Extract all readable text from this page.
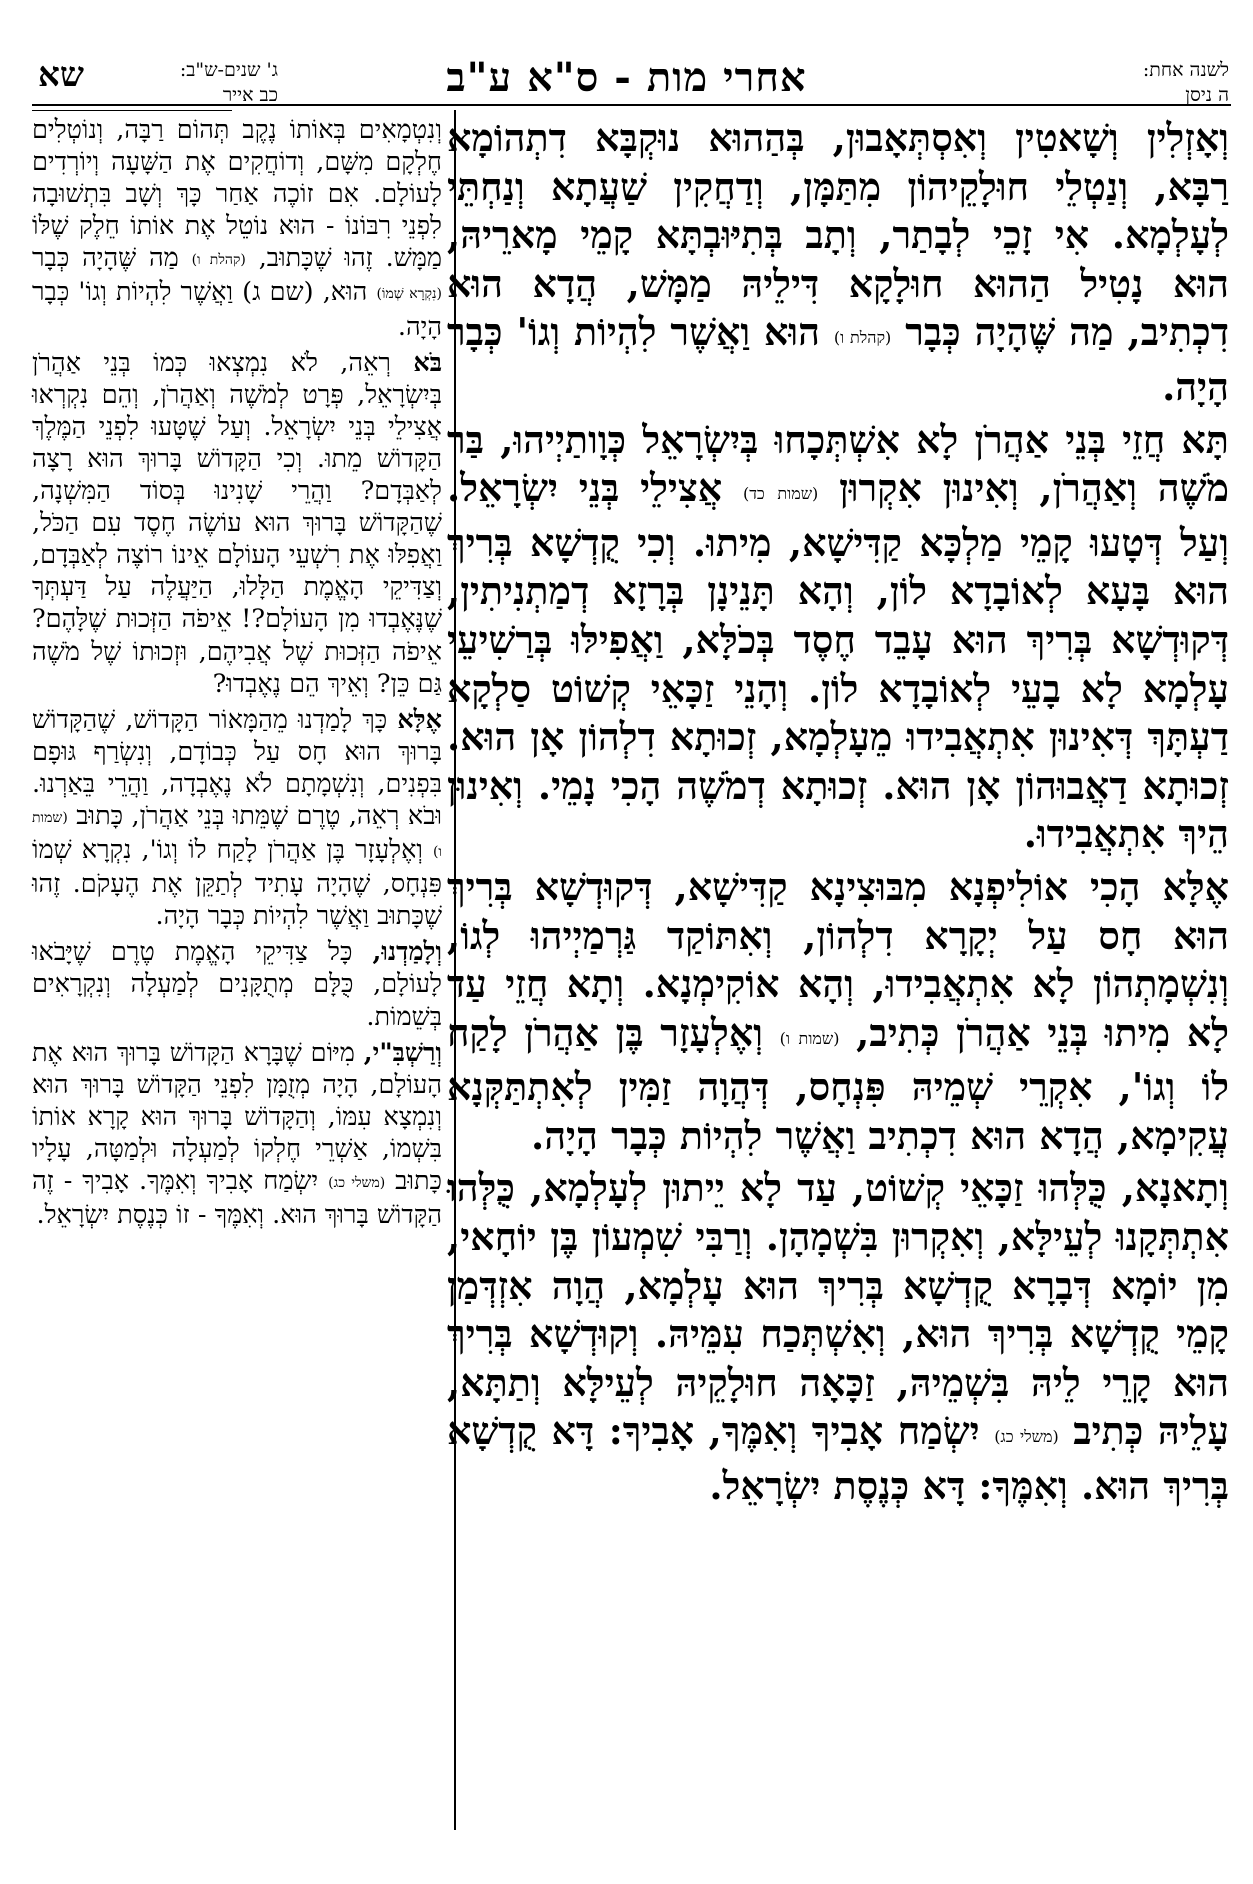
לשנה אחת:
ה ניסן
אחרי מות - ס"א ע"ב
ג' שנים-ש"ב:
כב אייר
שא

וְאָזְלִין וְשָׁאטִין וְאִסְתְּאָבוּן, בְּהַהוּא נוּקְבָּא דִתְהוֹמָא רַבָּא, וְנַטְלֵי חוּלָקֵיהוֹן מִתַּמָּן, וְדַחֲקִין שַׁעֲתָא וְנַחְתֵּי לְעָלְמָא. אִי זָכֵי לְבָתַר, וְתָב בְּתִיּוּבְתָּא קָמֵי מָארֵיהּ, הוּא נָטִיל הַהוּא חוּלָקָא דִּילֵיהּ מַמָּשׁ, הֲדָא הוּא דִכְתִיב, מַה שֶּׁהָיָה כְּבָר (קהלת ו) הוּא וַאֲשֶׁר לִהְיוֹת וְגוֹ' כְּבָר הָיָה.

תָּא חֲזֵי בְּנֵי אַהֲרֹן לָא אִשְׁתְּכָחוּ בְּיִשְׂרָאֵל כְּוָותַיְיהוּ, בַּר מֹשֶׁה וְאַהֲרֹן, וְאִינוּן אִקְרוּן (שמות כד) אֲצִילֵי בְּנֵי יִשְׂרָאֵל. וְעַל דְּטָעוּ קָמֵי מַלְכָּא קַדִּישָׁא, מִיתוּ. וְכִי קֻדְשָׁא בְּרִיךְ הוּא בָּעָא לְאוֹבָדָא לוֹן, וְהָא תָּנֵינָן בְּרָזָא דְמַתְנִיתִין, דְּקוּדְשָׁא בְּרִיךְ הוּא עָבֵד חֶסֶד בְּכֹלָּא, וַאֲפִילּוּ בְּרַשִׁיעֵי עָלְמָא לָא בָעֵי לְאוֹבָדָא לוֹן. וְהָנֵי זַכָּאֵי קְשׁוֹט סַלְקָא דַעְתָּךְ דְּאִינוּן אִתְאֲבִידוּ מֵעָלְמָא, זְכוּתָא דִלְהוֹן אָן הוּא. זְכוּתָא דַאֲבוּהוֹן אָן הוּא. זְכוּתָא דְמֹשֶׁה הָכִי נָמֵי. וְאִינוּן הֵיךְ אִתְאֲבִידוּ.

אֶלָּא הָכִי אוֹלִיפְנָא מִבּוּצִינָא קַדִּישָׁא, דְּקוּדְשָׁא בְּרִיךְ הוּא חָס עַל יְקָרָא דִלְהוֹן, וְאִתּוֹקַד גַּרְמַיְיהוּ לְגוֹ, וְנִשְׁמָתְהוֹן לָא אִתְאֲבִידוּ, וְהָא אוֹקִימְנָא. וְתָא חֲזֵי עַד לָא מִיתוּ בְּנֵי אַהֲרֹן כְּתִיב, (שמות ו) וְאֶלְעָזָר בֶּן אַהֲרֹן לָקַח לוֹ וְגוֹ', אִקְרֵי שְׁמֵיהּ פִּנְחָס, דְּהֲוָה זַמִּין לְאִתְתַּקְּנָא עֲקִימָא, הֲדָא הוּא דִכְתִיב וַאֲשֶׁר לִהְיוֹת כְּבָר הָיָה.

וְתָאנָא, כֻּלְּהוּ זַכָּאֵי קְשׁוֹט, עַד לָא יֵיתוּן לְעָלְמָא, כֻּלְּהוּ אִתְתְּקָנוּ לְעֵילָּא, וְאִקְרוּן בִּשְׁמָהָן. וְרַבִּי שִׁמְעוֹן בֶּן יוֹחָאי, מִן יוֹמָא דְּבָרָא קֻדְשָׁא בְּרִיךְ הוּא עָלְמָא, הֲוָה אִזְדְּמַן קָמֵי קֻדְשָׁא בְּרִיךְ הוּא, וְאִשְׁתְּכַח עִמֵּיהּ. וְקוּדְשָׁא בְּרִיךְ הוּא קָרֵי לֵיהּ בִּשְׁמֵיהּ, זַכָּאָה חוּלָקֵיהּ לְעֵילָּא וְתַתָּא, עָלֵיהּ כְּתִיב (משלי כג) יִשְׂמַח אָבִיךָ וְאִמֶּךָ, אָבִיךָ: דָּא קֻדְשָׁא בְּרִיךְ הוּא. וְאִמֶּךָ: דָּא כְּנֶסֶת יִשְׂרָאֵל.

וְנִטְמָאִים בְּאוֹתוֹ נֶקֶב תְּהוֹם רַבָּה, וְנוֹטְלִים חֶלְקָם מִשָּׁם, וְדוֹחֲקִים אֶת הַשָּׁעָה וְיוֹרְדִים לָעוֹלָם. אִם זוֹכֶה אַחַר כָּךְ וְשָׁב בִּתְשׁוּבָה לִפְנֵי רִבּוֹנוֹ - הוּא נוֹטֵל אֶת אוֹתוֹ חֵלֶק שֶׁלּוֹ מַמָּשׁ. זֶהוּ שֶׁכָּתוּב, (קהלת ו) מַה שֶּׁהָיָה כְּבָר (נִקְרָא שְׁמוֹ) הוּא, (שם ג) וַאֲשֶׁר לִהְיוֹת וְגוֹ' כְּבָר הָיָה.

בֹּא רְאֵה, לֹא נִמְצְאוּ כְּמוֹ בְּנֵי אַהֲרֹן בְּיִשְׂרָאֵל, פְּרָט לְמֹשֶׁה וְאַהֲרֹן, וְהֵם נִקְרְאוּ אֲצִילֵי בְּנֵי יִשְׂרָאֵל. וְעַל שֶׁטָּעוּ לִפְנֵי הַמֶּלֶךְ הַקָּדוֹשׁ מֵתוּ. וְכִי הַקָּדוֹשׁ בָּרוּךְ הוּא רָצָה לְאַבְּדָם? וַהֲרֵי שָׁנִינוּ בְּסוֹד הַמִּשְׁנָה, שֶׁהַקָּדוֹשׁ בָּרוּךְ הוּא עוֹשֶׂה חֶסֶד עִם הַכֹּל, וַאֲפִלּוּ אֶת רִשְׁעֵי הָעוֹלָם אֵינוֹ רוֹצֶה לְאַבְּדָם, וְצַדִּיקֵי הָאֱמֶת הַלָּלוּ, הַיַּעֲלֶה עַל דַּעְתְּךָ שֶׁנֶּאֶבְדוּ מִן הָעוֹלָם?! אֵיפֹה הַזְּכוּת שֶׁלָּהֶם? אֵיפֹה הַזְּכוּת שֶׁל אֲבִיהֶם, וּזְכוּתוֹ שֶׁל מֹשֶׁה גַּם כֵּן? וְאֵיךְ הֵם נֶאֶבְדוּ?

אֶלָּא כָּךְ לָמַדְנוּ מֵהַמָּאוֹר הַקָּדוֹשׁ, שֶׁהַקָּדוֹשׁ בָּרוּךְ הוּא חָס עַל כְּבוֹדָם, וְנִשְׂרַף גּוּפָם בִּפְנִים, וְנִשְׁמָתָם לֹא נֶאֶבְדָה, וַהֲרֵי בֵּאַרְנוּ. וּבֹא רְאֵה, טֶרֶם שֶׁמֵּתוּ בְּנֵי אַהֲרֹן, כָּתוּב (שמות ו) וְאֶלְעָזָר בֶּן אַהֲרֹן לָקַח לוֹ וְגוֹ', נִקְרָא שְׁמוֹ פִּנְחָס, שֶׁהָיָה עָתִיד לְתַקֵּן אֶת הֶעָקֹם. זֶהוּ שֶׁכָּתוּב וַאֲשֶׁר לִהְיוֹת כְּבָר הָיָה.

וְלָמַדְנוּ, כָּל צַדִּיקֵי הָאֱמֶת טֶרֶם שֶׁיָּבֹאוּ לָעוֹלָם, כֻּלָּם מְתֻקָּנִים לְמַעְלָה וְנִקְרָאִים בְּשֵׁמוֹת.

וְרַשְׁבִּ"י, מִיּוֹם שֶׁבָּרָא הַקָּדוֹשׁ בָּרוּךְ הוּא אֶת הָעוֹלָם, הָיָה מְזֻמָּן לִפְנֵי הַקָּדוֹשׁ בָּרוּךְ הוּא וְנִמְצָא עִמּוֹ, וְהַקָּדוֹשׁ בָּרוּךְ הוּא קָרָא אוֹתוֹ בִּשְׁמוֹ, אַשְׁרֵי חֶלְקוֹ לְמַעְלָה וּלְמַטָּה, עָלָיו כָּתוּב (משלי כג) יִשְׂמַח אָבִיךָ וְאִמֶּךָ. אָבִיךָ - זֶה הַקָּדוֹשׁ בָּרוּךְ הוּא. וְאִמֶּךָ - זוֹ כְּנֶסֶת יִשְׂרָאֵל.
